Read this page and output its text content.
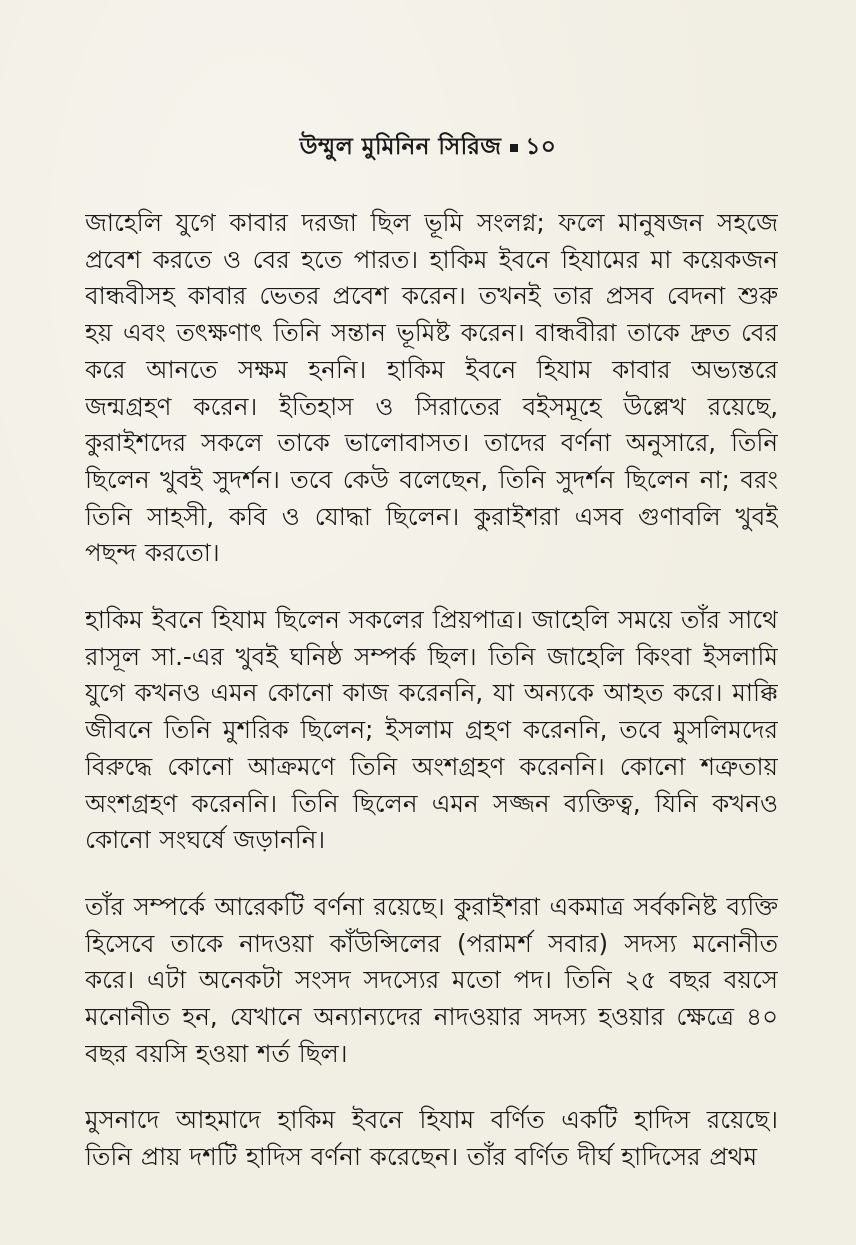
উম্মুল মুমিনিন সিরিজ ১০
জাহেলি যুগে কাবার দরজা ছিল ভূমি সংলগ্ন; ফলে মানুষজন সহজে
প্রবেশ করতে ও বের হতে পারত। হাকিম ইবনে হিযামের মা কয়েকজন
বান্ধবীসহ কাবার ভেতর প্রবেশ করেন। তখনই তার প্রসব বেদনা শুরু
হয় এবং তৎক্ষণাৎ তিনি সন্তান ভূমিষ্ট করেন। বান্ধবীরা তাকে দ্রুত বের
করে আনতে সক্ষম হননি। হাকিম ইবনে হিযাম কাবার অভ্যন্তরে
জন্মগ্রহণ করেন। ইতিহাস ও সিরাতের বইসমূহে উল্লেখ রয়েছে,
কুরাইশদের সকলে তাকে ভালোবাসত। তাদের বর্ণনা অনুসারে, তিনি
ছিলেন খুবই সুদর্শন। তবে কেউ বলেছেন, তিনি সুদর্শন ছিলেন না; বরং
তিনি সাহসী, কবি ও যোদ্ধা ছিলেন। কুরাইশরা এসব গুণাবলি খুবই
পছন্দ করতো।
হাকিম ইবনে হিযাম ছিলেন সকলের প্রিয়পাত্র। জাহেলি সময়ে তাঁর সাথে
রাসূল সা.-এর খুবই ঘনিষ্ঠ সম্পর্ক ছিল। তিনি জাহেলি কিংবা ইসলামি
যুগে কখনও এমন কোনো কাজ করেননি, যা অন্যকে আহত করে। মাক্কি
জীবনে তিনি মুশরিক ছিলেন; ইসলাম গ্রহণ করেননি, তবে মুসলিমদের
বিরুদ্ধে কোনো আক্রমণে তিনি অংশগ্রহণ করেননি। কোনো শত্রুতায়
অংশগ্রহণ করেননি। তিনি ছিলেন এমন সজ্জন ব্যক্তিত্ব, যিনি কখনও
কোনো সংঘর্ষে জড়াননি।
তাঁর সম্পর্কে আরেকটি বর্ণনা রয়েছে। কুরাইশরা একমাত্র সর্বকনিষ্ট ব্যক্তি
হিসেবে তাকে নাদওয়া কাঁউন্সিলের (পরামর্শ সবার) সদস্য মনোনীত
করে। এটা অনেকটা সংসদ সদস্যের মতো পদ। তিনি ২৫ বছর বয়সে
মনোনীত হন, যেখানে অন্যান্যদের নাদওয়ার সদস্য হওয়ার ক্ষেত্রে ৪০
বছর বয়সি হওয়া শর্ত ছিল।
মুসনাদে আহমাদে হাকিম ইবনে হিযাম বর্ণিত একটি হাদিস রয়েছে।
তিনি প্রায় দশটি হাদিস বর্ণনা করেছেন। তাঁর বর্ণিত দীর্ঘ হাদিসের প্রথম
